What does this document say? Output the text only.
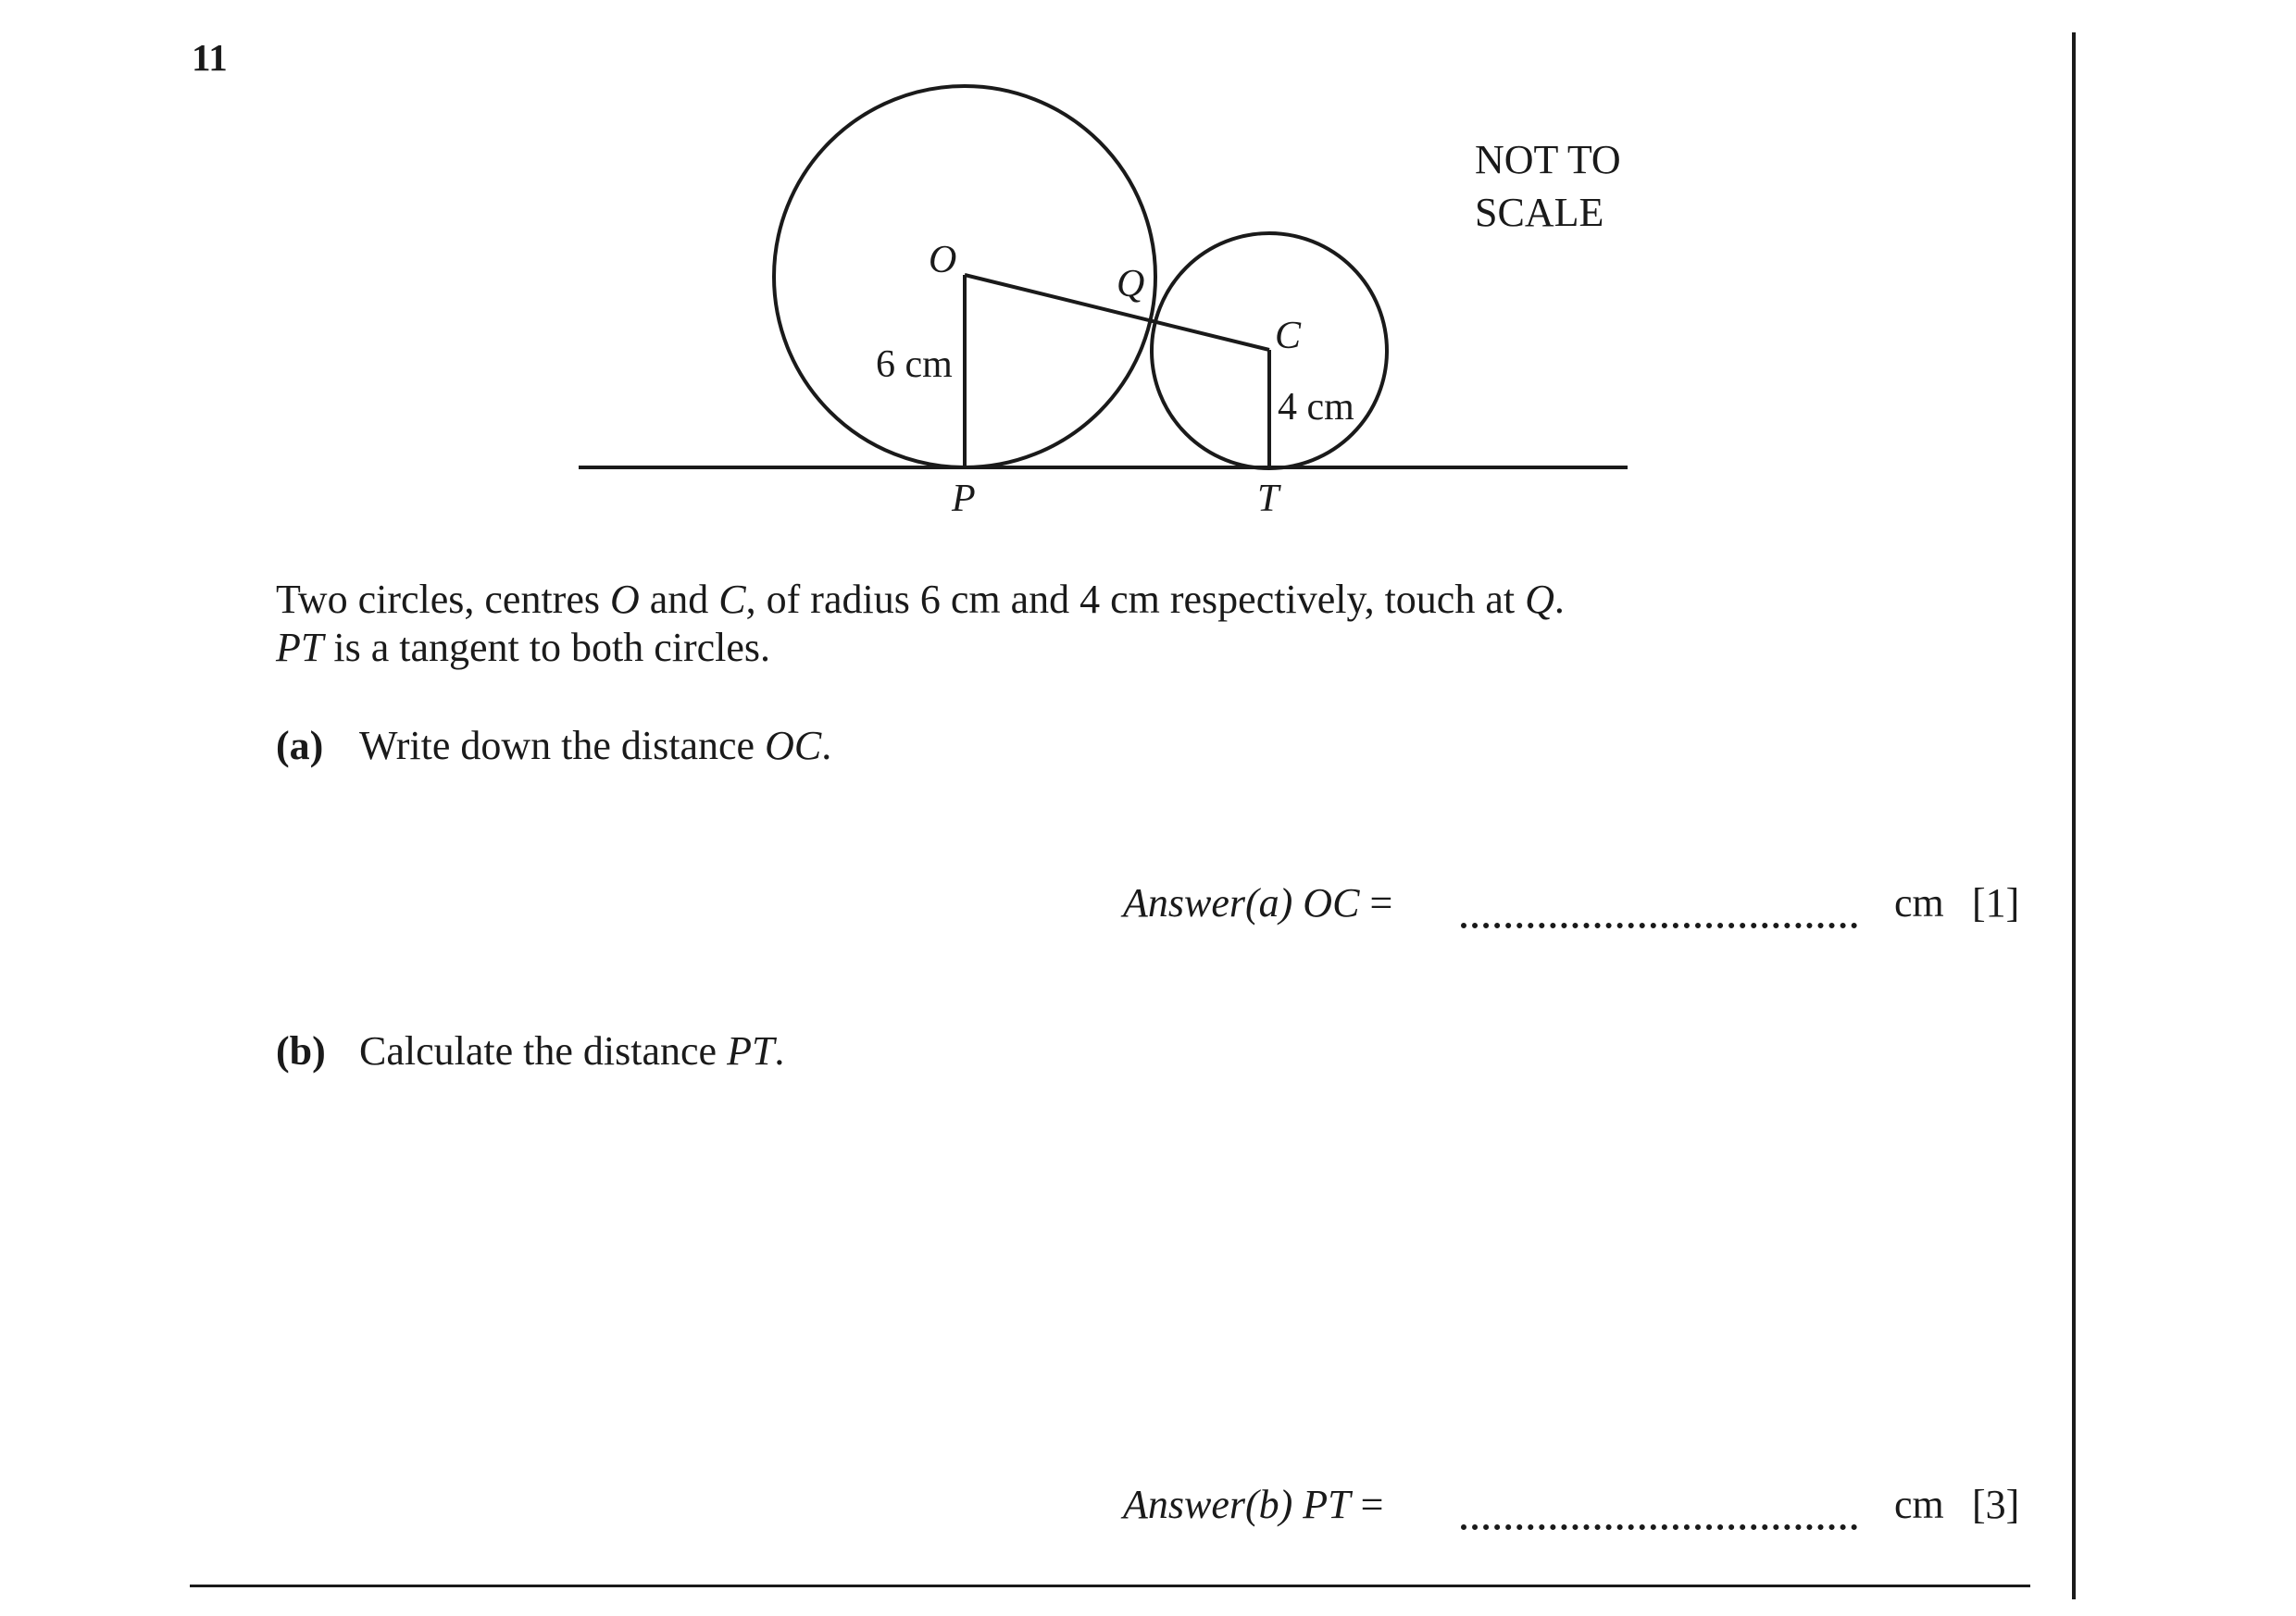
11
O
Q
C
6 cm
4 cm
P	T
NOT TO
SCALE
Two circles, centres O and C, of radius 6 cm and 4 cm respectively, touch at Q.
PT is a tangent to both circles.
(a) Write down the distance OC.
Answer(a) OC =	cm [1]
(b) Calculate the distance PT.
Answer(b) PT =	cm [3]
